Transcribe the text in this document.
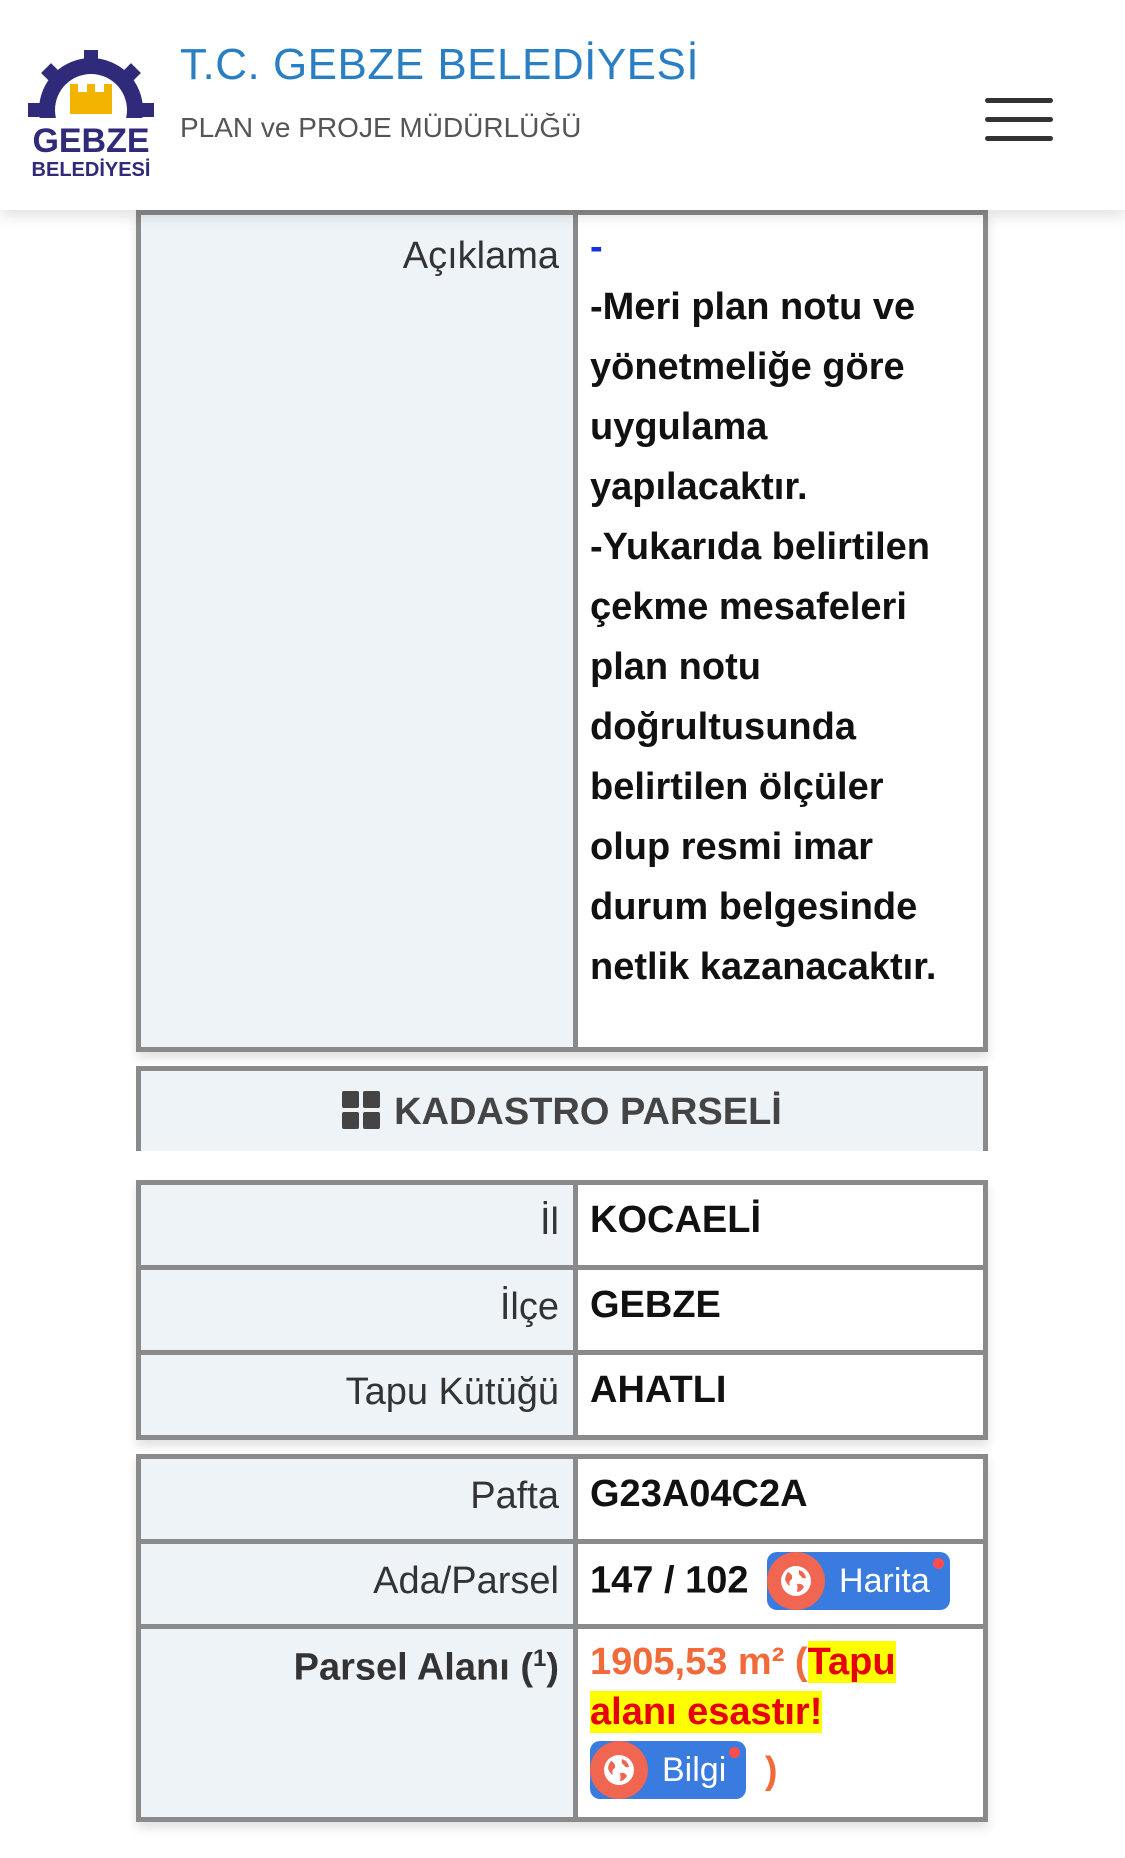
GEBZE
BELEDİYESİ
T.C. GEBZE BELEDİYESİ
PLAN ve PROJE MÜDÜRLÜĞÜ
Açıklama	-
-Meri plan notu ve
yönetmeliğe göre
uygulama
yapılacaktır.
-Yukarıda belirtilen
çekme mesafeleri
plan notu
doğrultusunda
belirtilen ölçüler
olup resmi imar
durum belgesinde
netlik kazanacaktır.
KADASTRO PARSELİ
İl	KOCAELİ
İlçe	GEBZE
Tapu Kütüğü	AHATLI
Pafta	G23A04C2A
Ada/Parsel	147 / 102 Harita

Parsel Alanı ($^1$)	1905,53 m² (Tapu
alanı esastır!

Bilgi )
